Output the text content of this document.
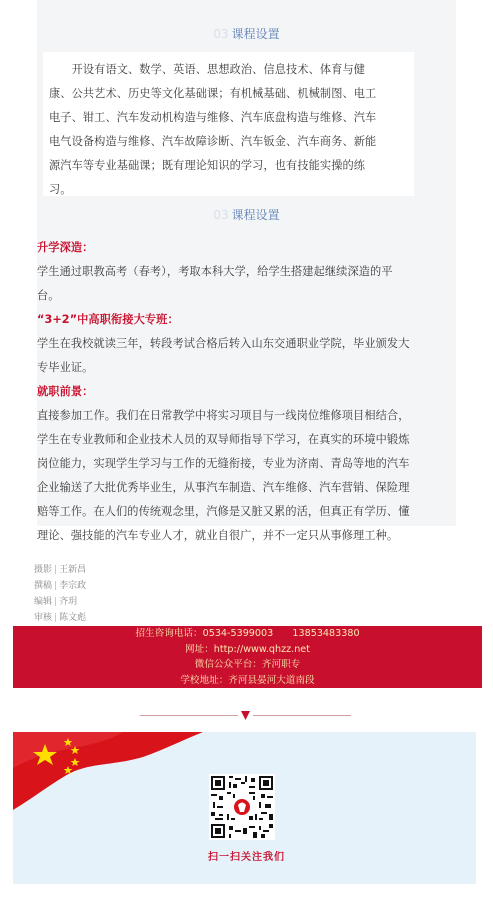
03 课程设置
　　开设有语文、数学、英语、思想政治、信息技术、体育与健
康、公共艺术、历史等文化基础课；有机械基础、机械制图、电工
电子、钳工、汽车发动机构造与维修、汽车底盘构造与维修、汽车
电气设备构造与维修、汽车故障诊断、汽车钣金、汽车商务、新能
源汽车等专业基础课；既有理论知识的学习，也有技能实操的练
习。
03 课程设置
升学深造：
学生通过职教高考（春考），考取本科大学，给学生搭建起继续深造的平
台。
“3+2”中高职衔接大专班：
学生在我校就读三年，转段考试合格后转入山东交通职业学院，毕业颁发大
专毕业证。
就职前景：
直接参加工作。我们在日常教学中将实习项目与一线岗位维修项目相结合，
学生在专业教师和企业技术人员的双导师指导下学习，在真实的环境中锻炼
岗位能力，实现学生学习与工作的无缝衔接，专业为济南、青岛等地的汽车
企业输送了大批优秀毕业生，从事汽车制造、汽车维修、汽车营销、保险理
赔等工作。在人们的传统观念里，汽修是又脏又累的活，但真正有学历、懂
理论、强技能的汽车专业人才，就业自很广，并不一定只从事修理工种。
摄影 | 王新昌
撰稿 | 李宗政
编辑 | 齐玥
审核 | 陈文彪
招生咨询电话：0534-5399003　　13853483380
网址：http://www.qhzz.net
微信公众平台：齐河职专
学校地址：齐河县晏河大道南段
扫一扫关注我们
